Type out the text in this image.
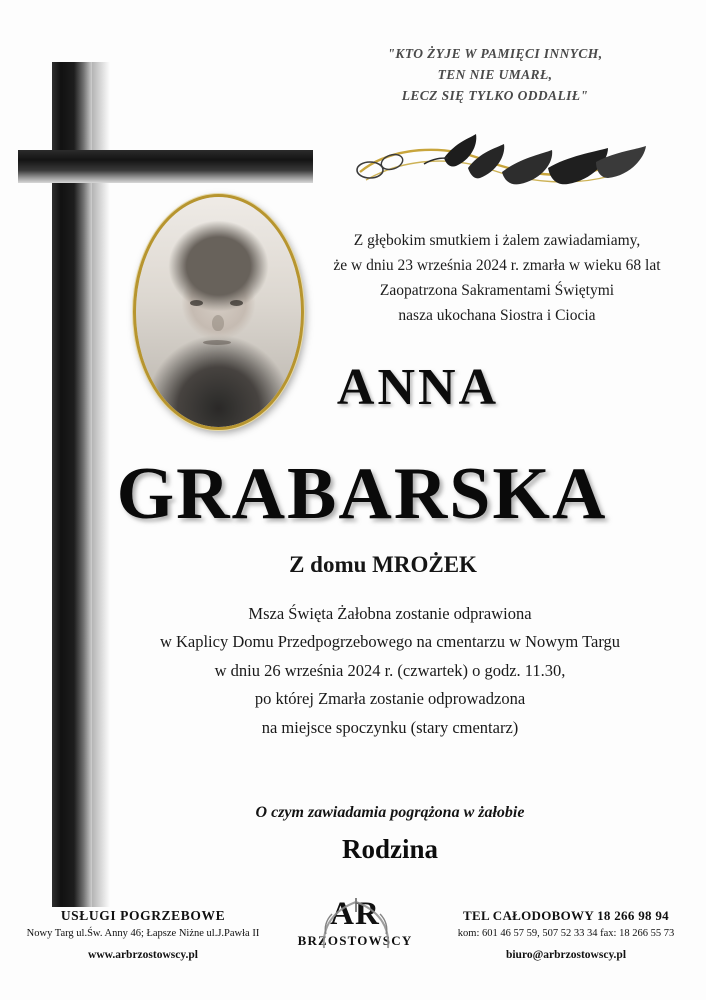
"KTO ŻYJE W PAMIĘCI INNYCH,
TEN NIE UMARŁ,
LECZ SIĘ TYLKO ODDALIŁ"
Z głębokim smutkiem i żalem zawiadamiamy,
że w dniu 23 września 2024 r. zmarła w wieku 68 lat
Zaopatrzona Sakramentami Świętymi
nasza ukochana Siostra i Ciocia
ANNA
GRABARSKA
Z domu MROŻEK
Msza Święta Żałobna zostanie odprawiona
w Kaplicy Domu Przedpogrzebowego na cmentarzu w Nowym Targu
w dniu 26 września 2024 r. (czwartek) o godz. 11.30,
po której Zmarła zostanie odprowadzona
na miejsce spoczynku (stary cmentarz)
O czym zawiadamia pogrążona w żałobie
Rodzina
USŁUGI POGRZEBOWE
Nowy Targ ul.Św. Anny 46; Łapsze Niżne ul.J.Pawła II
www.arbrzostowscy.pl
AR
BRZOSTOWSCY
TEL CAŁODOBOWY 18 266 98 94
kom: 601 46 57 59, 507 52 33 34 fax: 18 266 55 73
biuro@arbrzostowscy.pl
